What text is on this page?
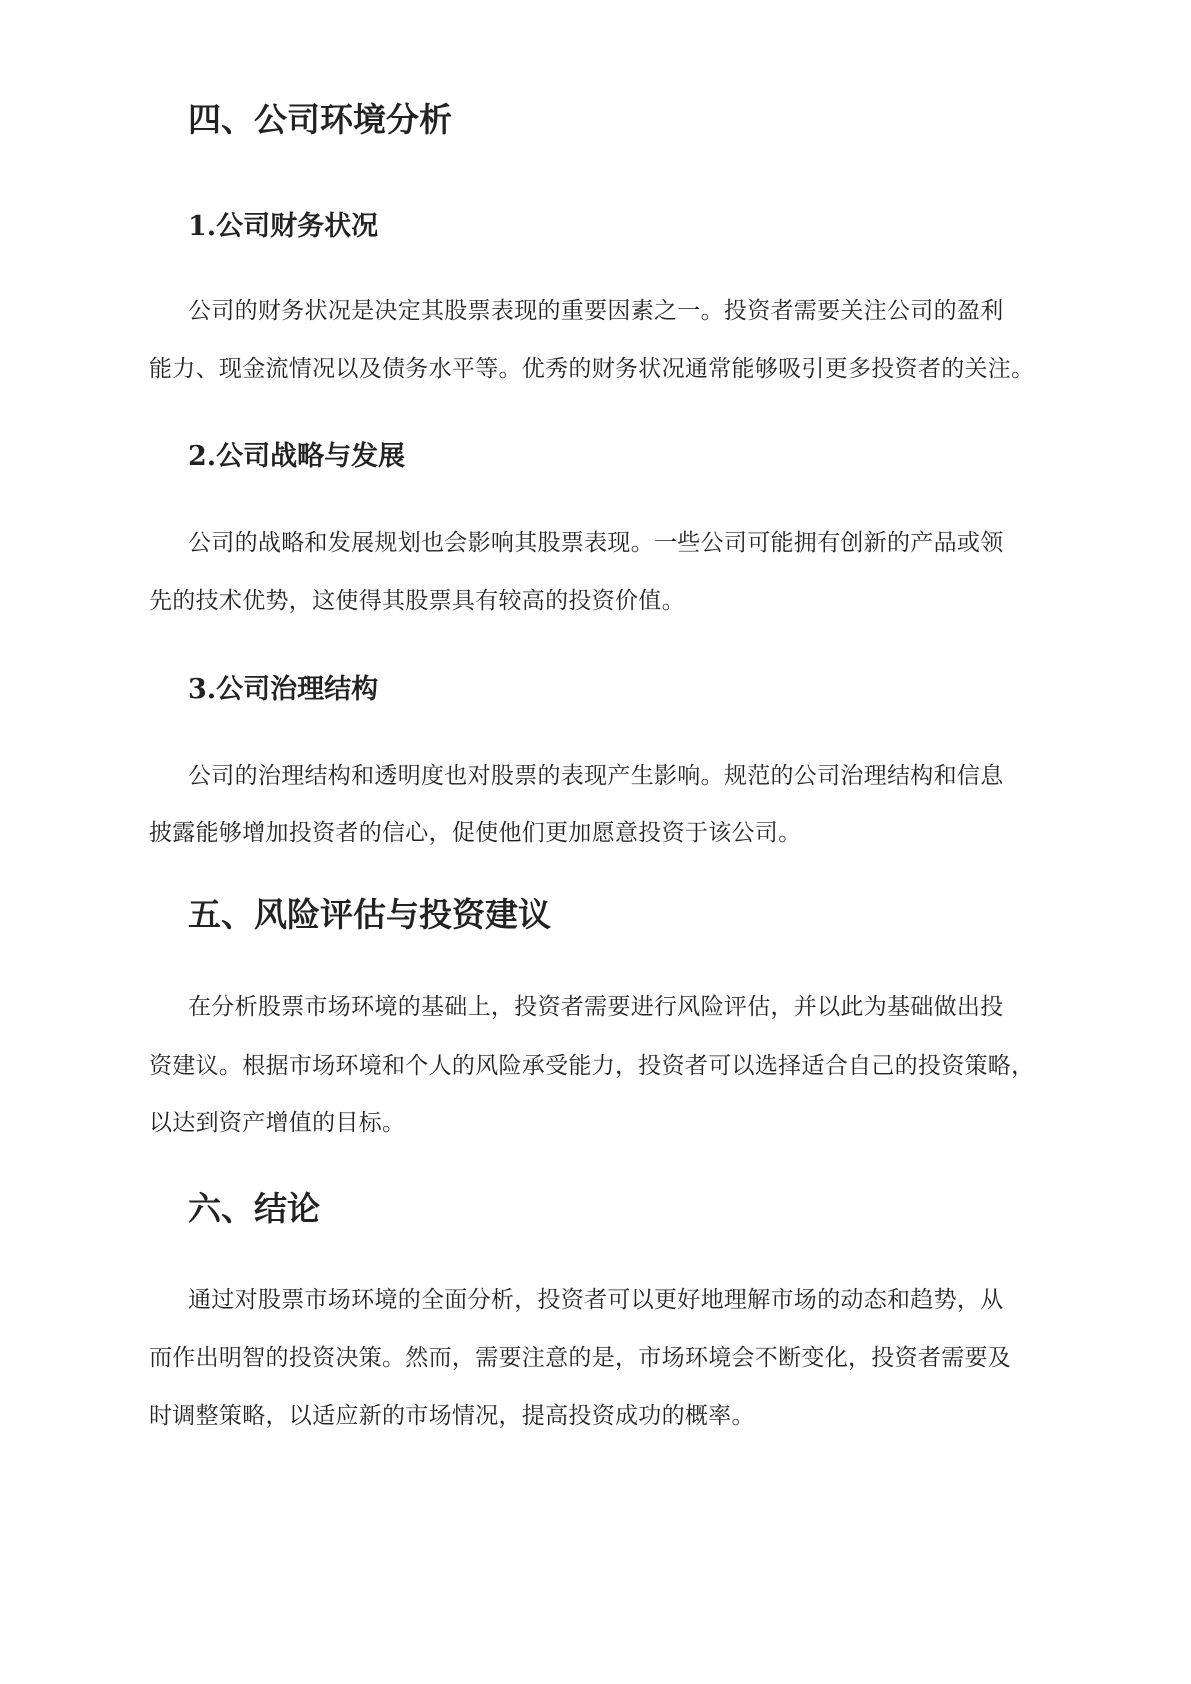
四、公司环境分析
1.公司财务状况

公司的财务状况是决定其股票表现的重要因素之一。投资者需要关注公司的盈利

能力、现金流情况以及债务水平等。优秀的财务状况通常能够吸引更多投资者的关注。

2.公司战略与发展

公司的战略和发展规划也会影响其股票表现。一些公司可能拥有创新的产品或领

先的技术优势，这使得其股票具有较高的投资价值。

3.公司治理结构

公司的治理结构和透明度也对股票的表现产生影响。规范的公司治理结构和信息

披露能够增加投资者的信心，促使他们更加愿意投资于该公司。

五、风险评估与投资建议

在分析股票市场环境的基础上，投资者需要进行风险评估，并以此为基础做出投

资建议。根据市场环境和个人的风险承受能力，投资者可以选择适合自己的投资策略，

以达到资产增值的目标。

六、结论

通过对股票市场环境的全面分析，投资者可以更好地理解市场的动态和趋势，从

而作出明智的投资决策。然而，需要注意的是，市场环境会不断变化，投资者需要及

时调整策略，以适应新的市场情况，提高投资成功的概率。
